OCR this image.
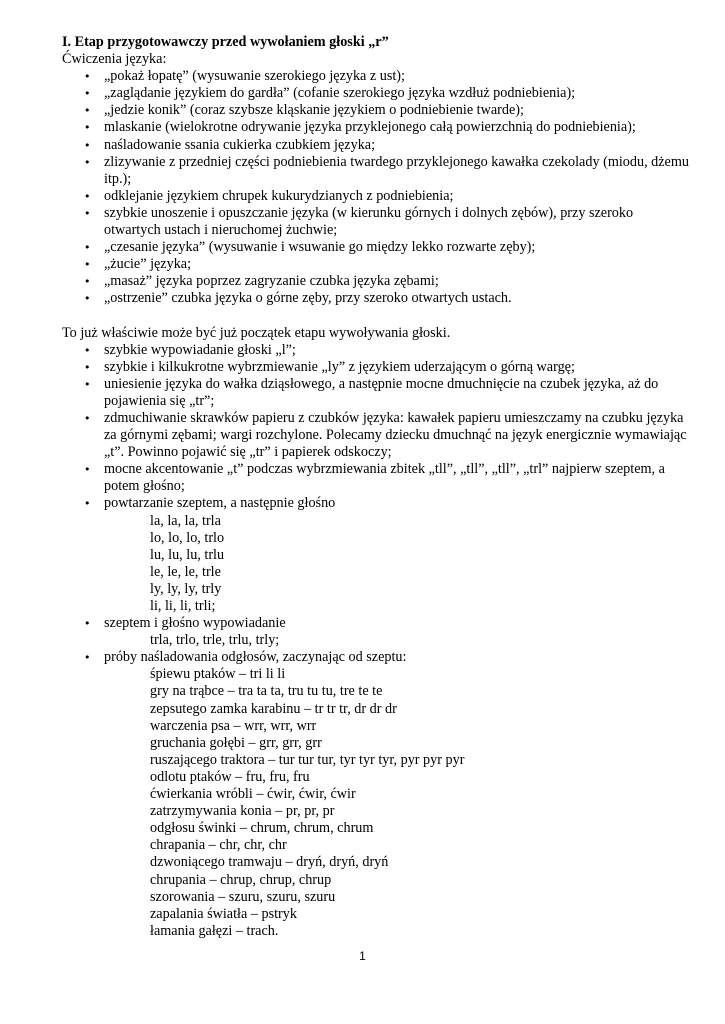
I. Etap przygotowawczy przed wywołaniem głoski „r”
Ćwiczenia języka:
• „pokaż łopatę” (wysuwanie szerokiego języka z ust);
• „zaglądanie językiem do gardła” (cofanie szerokiego języka wzdłuż podniebienia);
• „jedzie konik” (coraz szybsze kląskanie językiem o podniebienie twarde);
• mlaskanie (wielokrotne odrywanie języka przyklejonego całą powierzchnią do podniebienia);
• naśladowanie ssania cukierka czubkiem języka;
• zlizywanie z przedniej części podniebienia twardego przyklejonego kawałka czekolady (miodu, dżemu itp.);
• odklejanie językiem chrupek kukurydzianych z podniebienia;
• szybkie unoszenie i opuszczanie języka (w kierunku górnych i dolnych zębów), przy szeroko otwartych ustach i nieruchomej żuchwie;
• „czesanie języka” (wysuwanie i wsuwanie go między lekko rozwarte zęby);
• „żucie” języka;
• „masaż” języka poprzez zagryzanie czubka języka zębami;
• „ostrzenie” czubka języka o górne zęby, przy szeroko otwartych ustach.
To już właściwie może być już początek etapu wywoływania głoski.
• szybkie wypowiadanie głoski „l”;
• szybkie i kilkukrotne wybrzmiewanie „ly” z językiem uderzającym o górną wargę;
• uniesienie języka do wałka dziąsłowego, a następnie mocne dmuchnięcie na czubek języka, aż do pojawienia się „tr”;
• zdmuchiwanie skrawków papieru z czubków języka: kawałek papieru umieszczamy na czubku języka za górnymi zębami; wargi rozchylone. Polecamy dziecku dmuchnąć na język energicznie wymawiając „t”. Powinno pojawić się „tr” i papierek odskoczy;
• mocne akcentowanie „t” podczas wybrzmiewania zbitek „tll”, „tll”, „tll”, „trl” najpierw szeptem, a potem głośno;
• powtarzanie szeptem, a następnie głośno
la, la, la, trla
lo, lo, lo, trlo
lu, lu, lu, trlu
le, le, le, trle
ly, ly, ly, trly
li, li, li, trli;
• szeptem i głośno wypowiadanie
trla, trlo, trle, trlu, trly;
• próby naśladowania odgłosów, zaczynając od szeptu:
śpiewu ptaków – tri li li
gry na trąbce – tra ta ta, tru tu tu, tre te te
zepsutego zamka karabinu – tr tr tr, dr dr dr
warczenia psa – wrr, wrr, wrr
gruchania gołębi – grr, grr, grr
ruszającego traktora – tur tur tur, tyr tyr tyr, pyr pyr pyr
odlotu ptaków – fru, fru, fru
ćwierkania wróbli – ćwir, ćwir, ćwir
zatrzymywania konia – pr, pr, pr
odgłosu świnki – chrum, chrum, chrum
chrapania – chr, chr, chr
dzwoniącego tramwaju – dryń, dryń, dryń
chrupania – chrup, chrup, chrup
szorowania – szuru, szuru, szuru
zapalania światła – pstryk
łamania gałęzi – trach.
1
